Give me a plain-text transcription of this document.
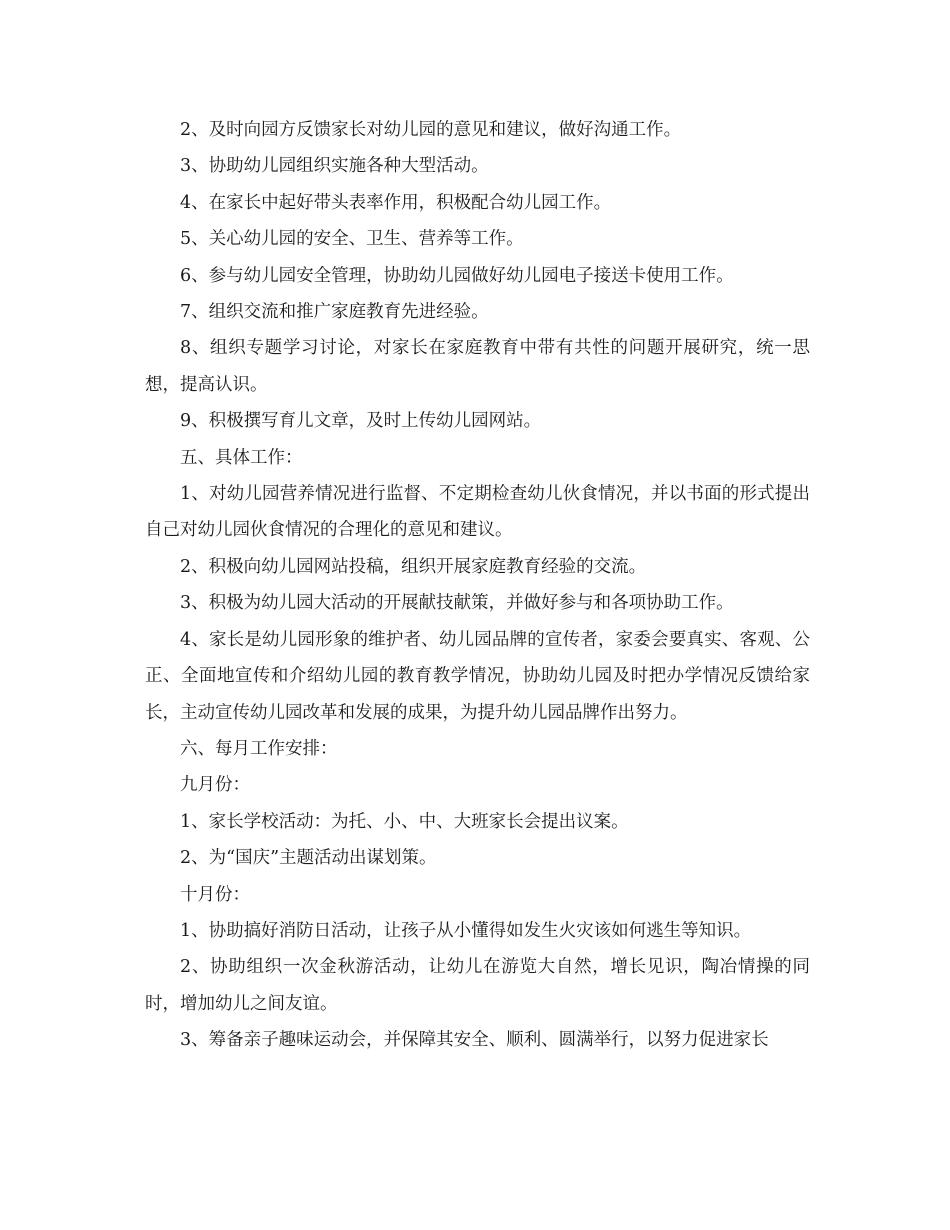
2、及时向园方反馈家长对幼儿园的意见和建议，做好沟通工作。

3、协助幼儿园组织实施各种大型活动。

4、在家长中起好带头表率作用，积极配合幼儿园工作。

5、关心幼儿园的安全、卫生、营养等工作。

6、参与幼儿园安全管理，协助幼儿园做好幼儿园电子接送卡使用工作。

7、组织交流和推广家庭教育先进经验。

8、组织专题学习讨论，对家长在家庭教育中带有共性的问题开展研究，统一思想，提高认识。

9、积极撰写育儿文章，及时上传幼儿园网站。

五、具体工作：

1、对幼儿园营养情况进行监督、不定期检查幼儿伙食情况，并以书面的形式提出自己对幼儿园伙食情况的合理化的意见和建议。

2、积极向幼儿园网站投稿，组织开展家庭教育经验的交流。

3、积极为幼儿园大活动的开展献技献策，并做好参与和各项协助工作。

4、家长是幼儿园形象的维护者、幼儿园品牌的宣传者，家委会要真实、客观、公正、全面地宣传和介绍幼儿园的教育教学情况，协助幼儿园及时把办学情况反馈给家长，主动宣传幼儿园改革和发展的成果，为提升幼儿园品牌作出努力。

六、每月工作安排：

九月份：

1、家长学校活动：为托、小、中、大班家长会提出议案。

2、为“国庆”主题活动出谋划策。

十月份：

1、协助搞好消防日活动，让孩子从小懂得如发生火灾该如何逃生等知识。

2、协助组织一次金秋游活动，让幼儿在游览大自然，增长见识，陶冶情操的同时，增加幼儿之间友谊。

3、筹备亲子趣味运动会，并保障其安全、顺利、圆满举行，以努力促进家长
